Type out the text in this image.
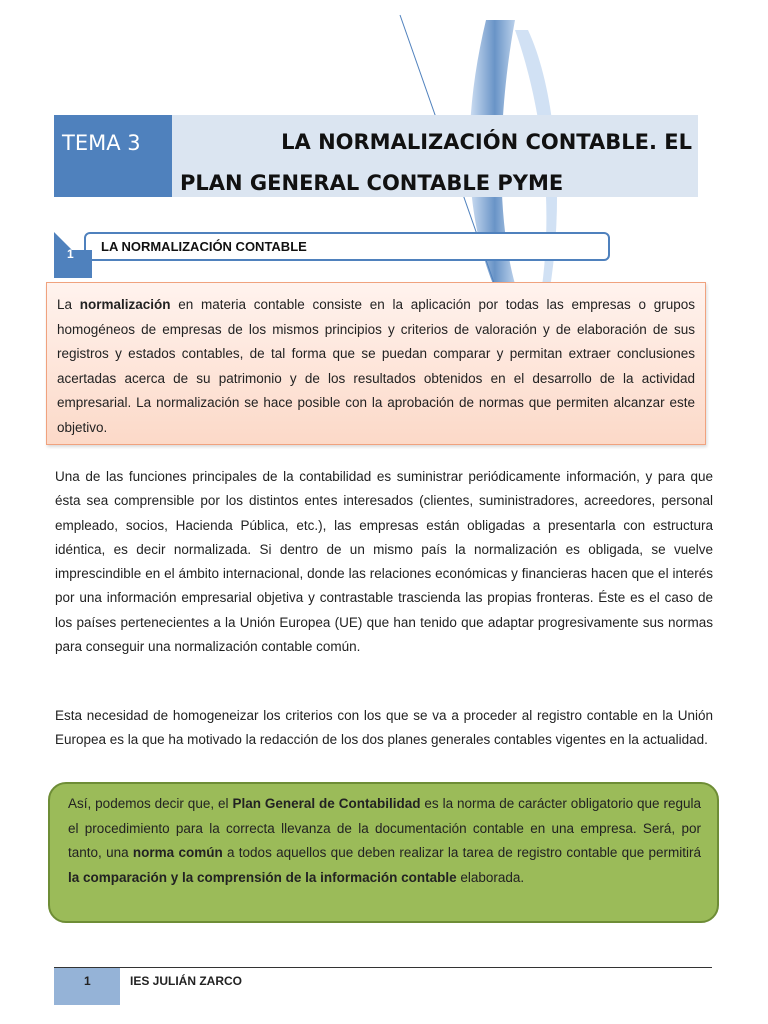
TEMA 3	LA NORMALIZACIÓN CONTABLE. EL
PLAN GENERAL CONTABLE PYME
LA NORMALIZACIÓN CONTABLE
1

La normalización en materia contable consiste en la aplicación por todas las empresas o grupos homogéneos de empresas de los mismos principios y criterios de valoración y de elaboración de sus registros y estados contables, de tal forma que se puedan comparar y permitan extraer conclusiones acertadas acerca de su patrimonio y de los resultados obtenidos en el desarrollo de la actividad empresarial. La normalización se hace posible con la aprobación de normas que permiten alcanzar este objetivo.

Una de las funciones principales de la contabilidad es suministrar periódicamente información, y para que ésta sea comprensible por los distintos entes interesados (clientes, suministradores, acreedores, personal empleado, socios, Hacienda Pública, etc.), las empresas están obligadas a presentarla con estructura idéntica, es decir normalizada. Si dentro de un mismo país la normalización es obligada, se vuelve imprescindible en el ámbito internacional, donde las relaciones económicas y financieras hacen que el interés por una información empresarial objetiva y contrastable trascienda las propias fronteras. Éste es el caso de los países pertenecientes a la Unión Europea (UE) que han tenido que adaptar progresivamente sus normas para conseguir una normalización contable común.

Esta necesidad de homogeneizar los criterios con los que se va a proceder al registro contable en la Unión Europea es la que ha motivado la redacción de los dos planes generales contables vigentes en la actualidad.

Así, podemos decir que, el Plan General de Contabilidad es la norma de carácter obligatorio que regula el procedimiento para la correcta llevanza de la documentación contable en una empresa. Será, por tanto, una norma común a todos aquellos que deben realizar la tarea de registro contable que permitirá la comparación y la comprensión de la información contable elaborada.

1	IES JULIÁN ZARCO
